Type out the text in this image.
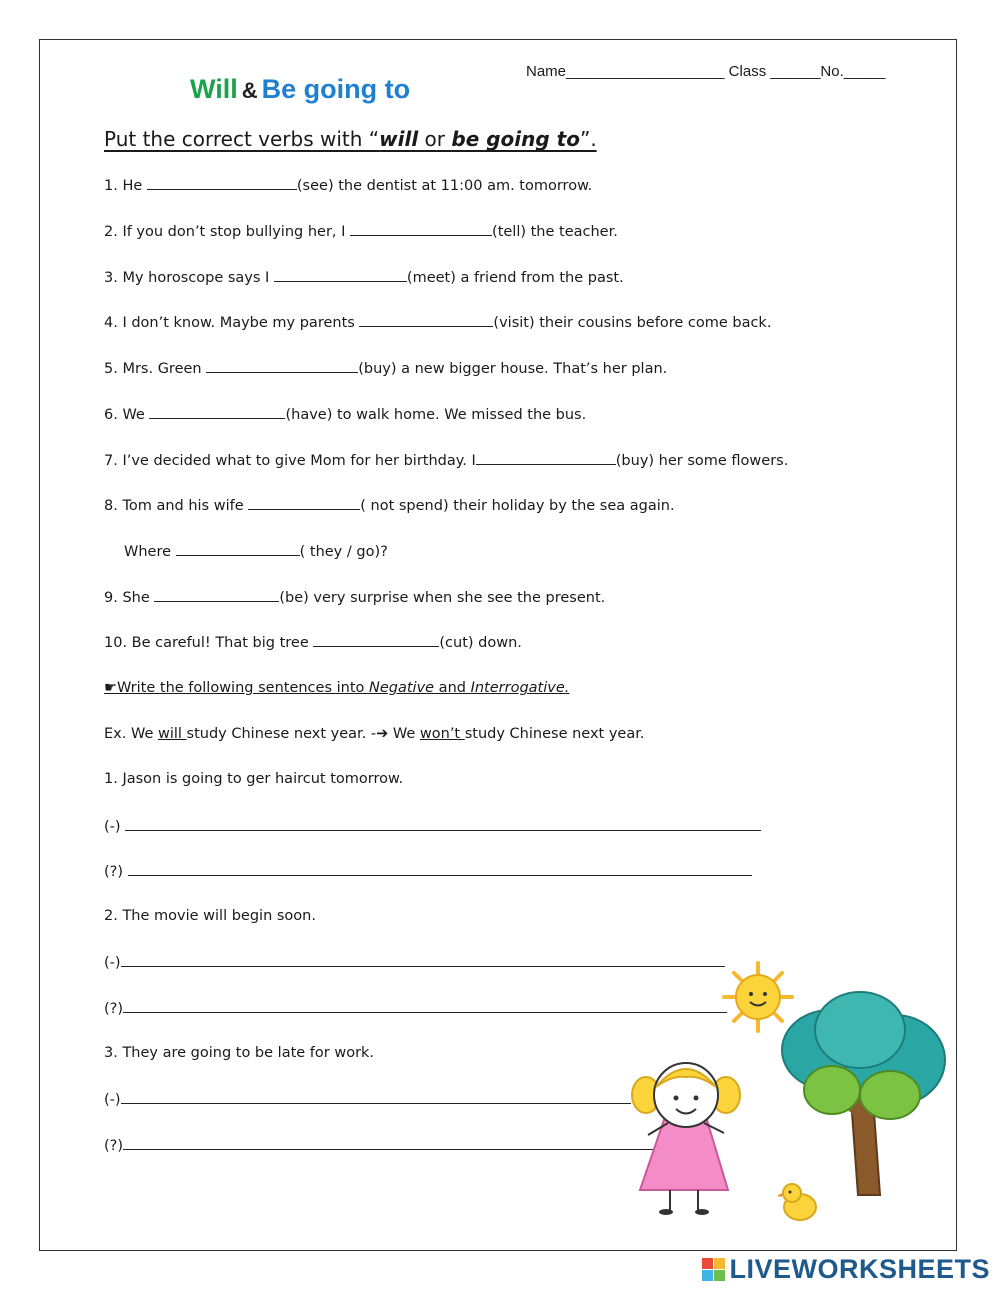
Will & Be going to
Name___________________ Class ______No._____
Put the correct verbs with “will or be going to”.
1. He	(see) the dentist at 11:00 am. tomorrow.
2. If you don’t stop bullying her, I	(tell) the teacher.
3. My horoscope says I	(meet) a friend from the past.
4. I don’t know. Maybe my parents	(visit) their cousins before come back.
5. Mrs. Green	(buy) a new bigger house. That’s her plan.
6. We	(have) to walk home. We missed the bus.
7. I’ve decided what to give Mom for her birthday. I	(buy) her some flowers.
8. Tom and his wife	( not spend) their holiday by the sea again.
Where	( they / go)?
9. She	(be) very surprise when she see the present.
10. Be careful! That big tree	(cut) down.
☛Write the following sentences into Negative and Interrogative.
Ex. We will study Chinese next year. -➔ We won’t study Chinese next year.
1. Jason is going to ger haircut tomorrow.
(-)
(?)
2. The movie will begin soon.
(-)
(?)
3. They are going to be late for work.
(-)
(?)
LIVEWORKSHEETS
